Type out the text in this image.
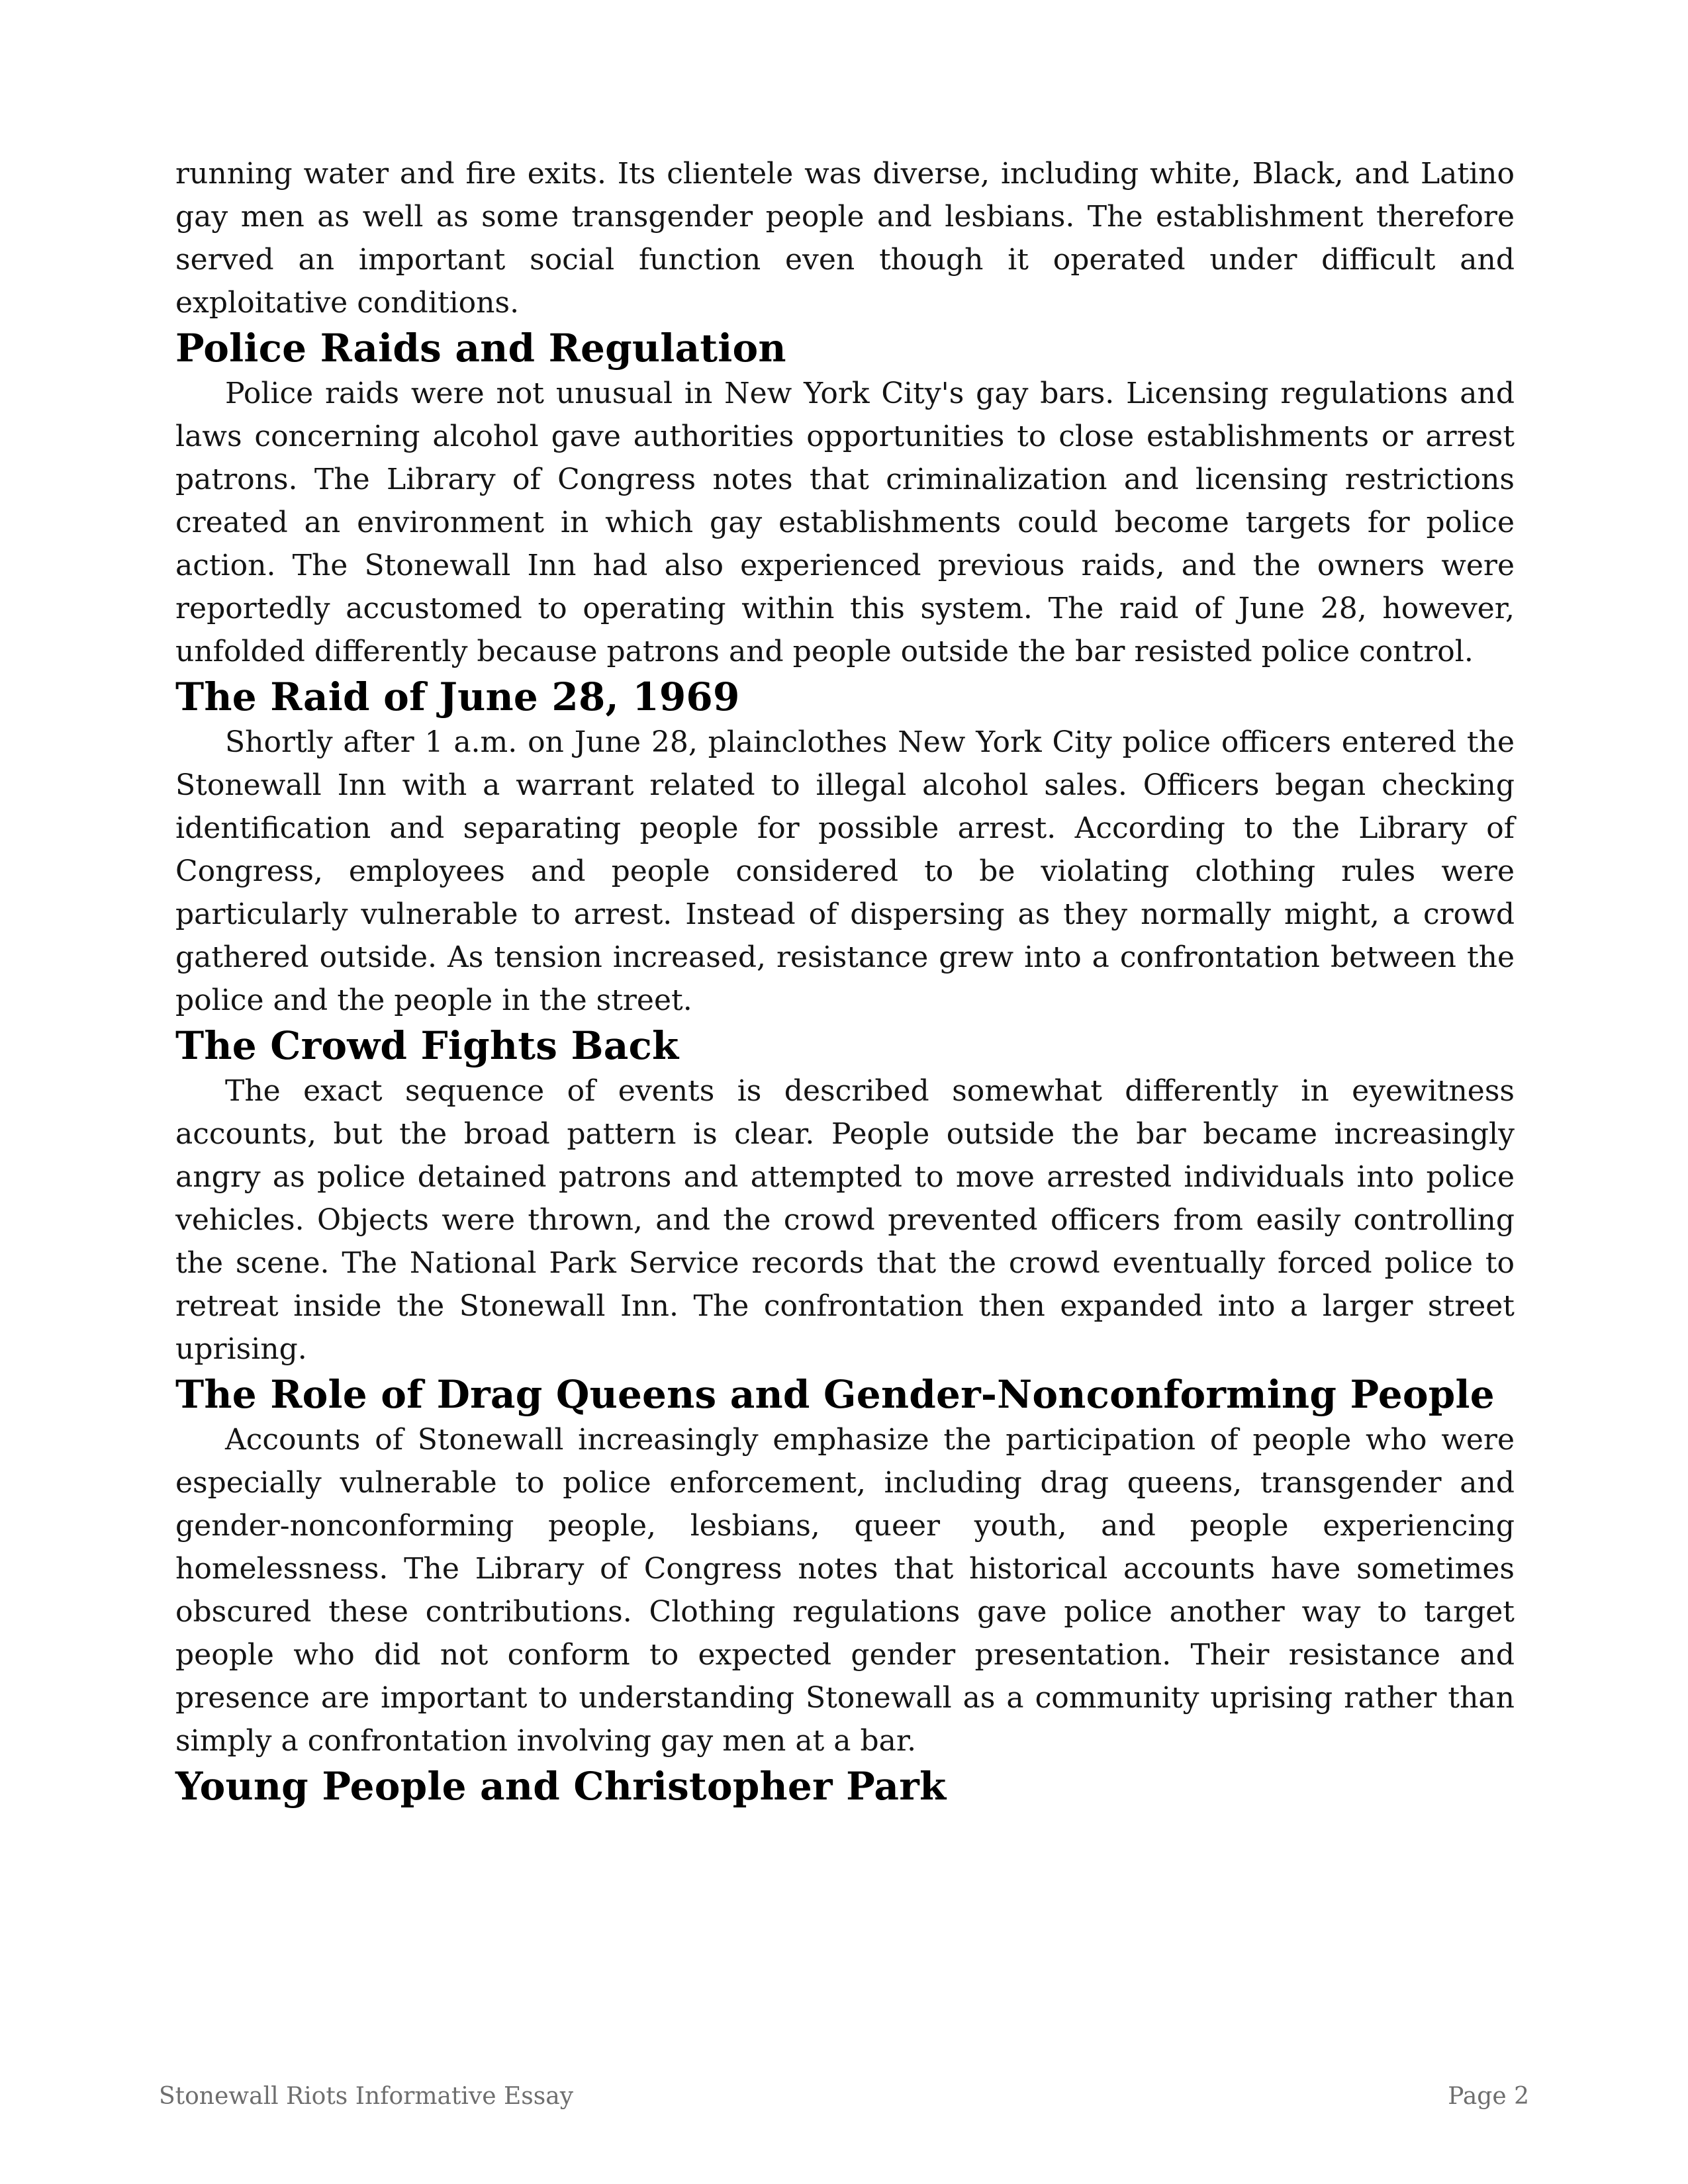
running water and fire exits. Its clientele was diverse, including white, Black, and Latino gay men as well as some transgender people and lesbians. The establishment therefore served an important social function even though it operated under difficult and exploitative conditions.

Police Raids and Regulation

Police raids were not unusual in New York City's gay bars. Licensing regulations and laws concerning alcohol gave authorities opportunities to close establishments or arrest patrons. The Library of Congress notes that criminalization and licensing restrictions created an environment in which gay establishments could become targets for police action. The Stonewall Inn had also experienced previous raids, and the owners were reportedly accustomed to operating within this system. The raid of June 28, however, unfolded differently because patrons and people outside the bar resisted police control.

The Raid of June 28, 1969

Shortly after 1 a.m. on June 28, plainclothes New York City police officers entered the Stonewall Inn with a warrant related to illegal alcohol sales. Officers began checking identification and separating people for possible arrest. According to the Library of Congress, employees and people considered to be violating clothing rules were particularly vulnerable to arrest. Instead of dispersing as they normally might, a crowd gathered outside. As tension increased, resistance grew into a confrontation between the police and the people in the street.

The Crowd Fights Back

The exact sequence of events is described somewhat differently in eyewitness accounts, but the broad pattern is clear. People outside the bar became increasingly angry as police detained patrons and attempted to move arrested individuals into police vehicles. Objects were thrown, and the crowd prevented officers from easily controlling the scene. The National Park Service records that the crowd eventually forced police to retreat inside the Stonewall Inn. The confrontation then expanded into a larger street uprising.

The Role of Drag Queens and Gender-Nonconforming People

Accounts of Stonewall increasingly emphasize the participation of people who were especially vulnerable to police enforcement, including drag queens, transgender and gender-nonconforming people, lesbians, queer youth, and people experiencing homelessness. The Library of Congress notes that historical accounts have sometimes obscured these contributions. Clothing regulations gave police another way to target people who did not conform to expected gender presentation. Their resistance and presence are important to understanding Stonewall as a community uprising rather than simply a confrontation involving gay men at a bar.

Young People and Christopher Park
Stonewall Riots Informative Essay	Page 2
